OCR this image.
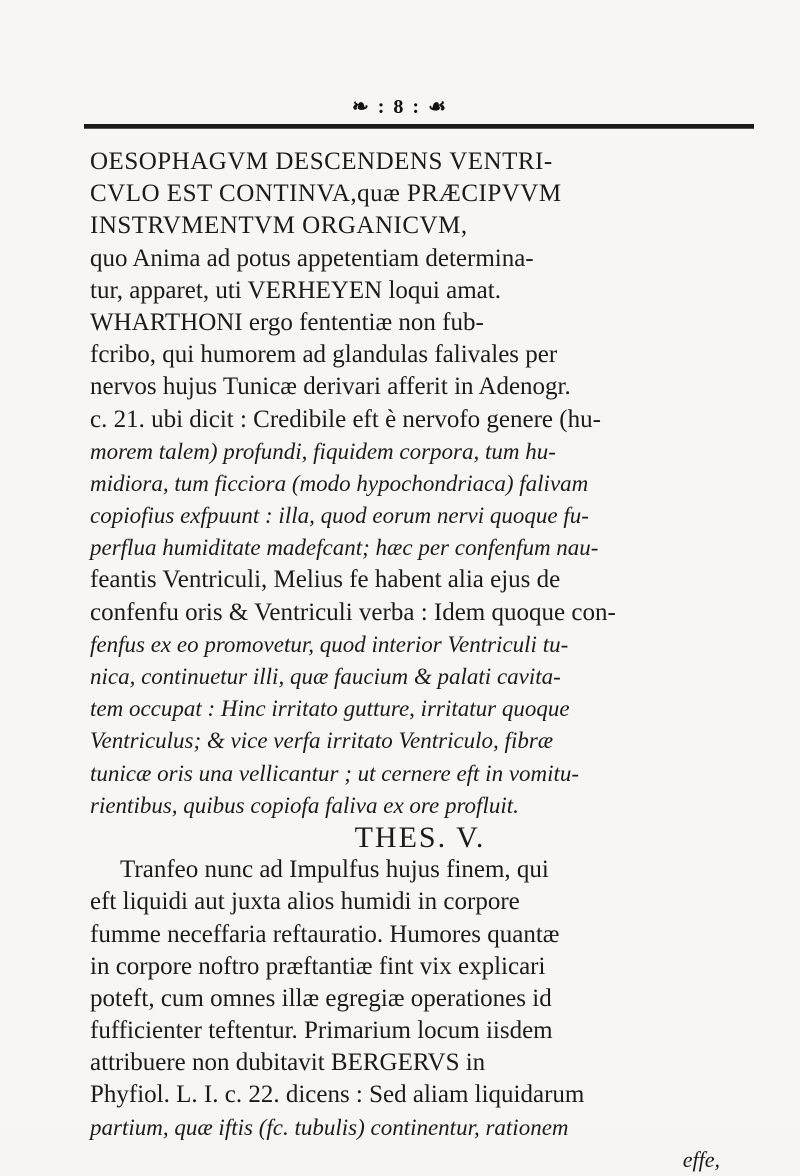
❧ : 8 : ☙
OESOPHAGVM DESCENDENS VENTRI-
CVLO EST CONTINVA,quæ PRÆCIPVVM
INSTRVMENTVM ORGANICVM,
quo Anima ad potus appetentiam determina-
tur, apparet, uti VERHEYEN loqui amat.
WHARTHONI ergo fententiæ non fub-
fcribo, qui humorem ad glandulas falivales per
nervos hujus Tunicæ derivari afferit in Adenogr.
c. 21. ubi dicit : Credibile eft è nervofo genere (hu-
morem talem) profundi, fiquidem corpora, tum hu-
midiora, tum ficciora (modo hypochondriaca) falivam
copiofius exfpuunt : illa, quod eorum nervi quoque fu-
perflua humiditate madefcant; hæc per confenfum nau-
feantis Ventriculi, Melius fe habent alia ejus de
confenfu oris & Ventriculi verba : Idem quoque con-
fenfus ex eo promovetur, quod interior Ventriculi tu-
nica, continuetur illi, quæ faucium & palati cavita-
tem occupat : Hinc irritato gutture, irritatur quoque
Ventriculus; & vice verfa irritato Ventriculo, fibræ
tunicæ oris una vellicantur ; ut cernere eft in vomitu-
rientibus, quibus copiofa faliva ex ore profluit.
THES. V.
Tranfeo nunc ad Impulfus hujus finem, qui
eft liquidi aut juxta alios humidi in corpore
fumme neceffaria reftauratio. Humores quantæ
in corpore noftro præftantiæ fint vix explicari
poteft, cum omnes illæ egregiæ operationes id
fufficienter teftentur. Primarium locum iisdem
attribuere non dubitavit BERGERVS in
Phyfiol. L. I. c. 22. dicens : Sed aliam liquidarum
partium, quæ iftis (fc. tubulis) continentur, rationem
effe,
